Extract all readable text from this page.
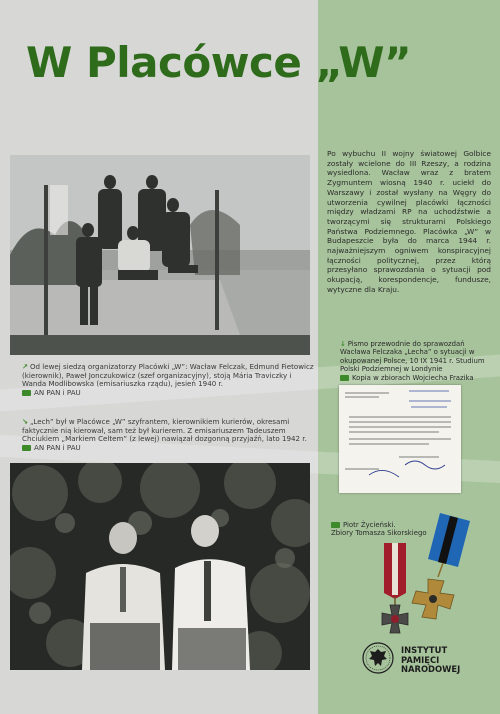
W Placówce „W”
↗ Od lewej siedzą organizatorzy Placówki „W”: Wacław Felczak, Edmund Fietowicz (kierownik), Paweł Jonczukowicz (szef organizacyjny), stoją Mária Traviczky i Wanda Modlibowska (emisariuszka rządu), jesień 1940 r.
AN PAN i PAU
↘ „Lech” był w Placówce „W” szyfrantem, kierownikiem kurierów, okresami faktycznie nią kierował, sam też był kurierem. Z emisariuszem Tadeuszem Chciukiem „Markiem Celtem” (z lewej) nawiązał dozgonną przyjaźń, lato 1942 r.
AN PAN i PAU
Po wybuchu II wojny światowej Golbice zostały wcielone do III Rzeszy, a rodzina wysiedlona. Wacław wraz z bratem Zygmuntem wiosną 1940 r. uciekł do Warszawy i został wysłany na Węgry do utworzenia cywilnej placówki łączności między władzami RP na uchodźstwie a tworzącymi się strukturami Polskiego Państwa Podziemnego. Placówka „W” w Budapeszcie była do marca 1944 r. najważniejszym ogniwem konspiracyjnej łączności politycznej, przez którą przesyłano sprawozdania o sytuacji pod okupacją, korespondencje, fundusze, wytyczne dla Kraju.
↓ Pismo przewodnie do sprawozdań Wacława Felczaka „Lecha” o sytuacji w okupowanej Polsce, 10 IX 1941 r. Studium Polski Podziemnej w Londynie
Kopia w zbiorach Wojciecha Frazika
Piotr Życieński.
Zbiory Tomasza Sikorskiego
INSTYTUT
PAMIĘCI
NARODOWEJ
